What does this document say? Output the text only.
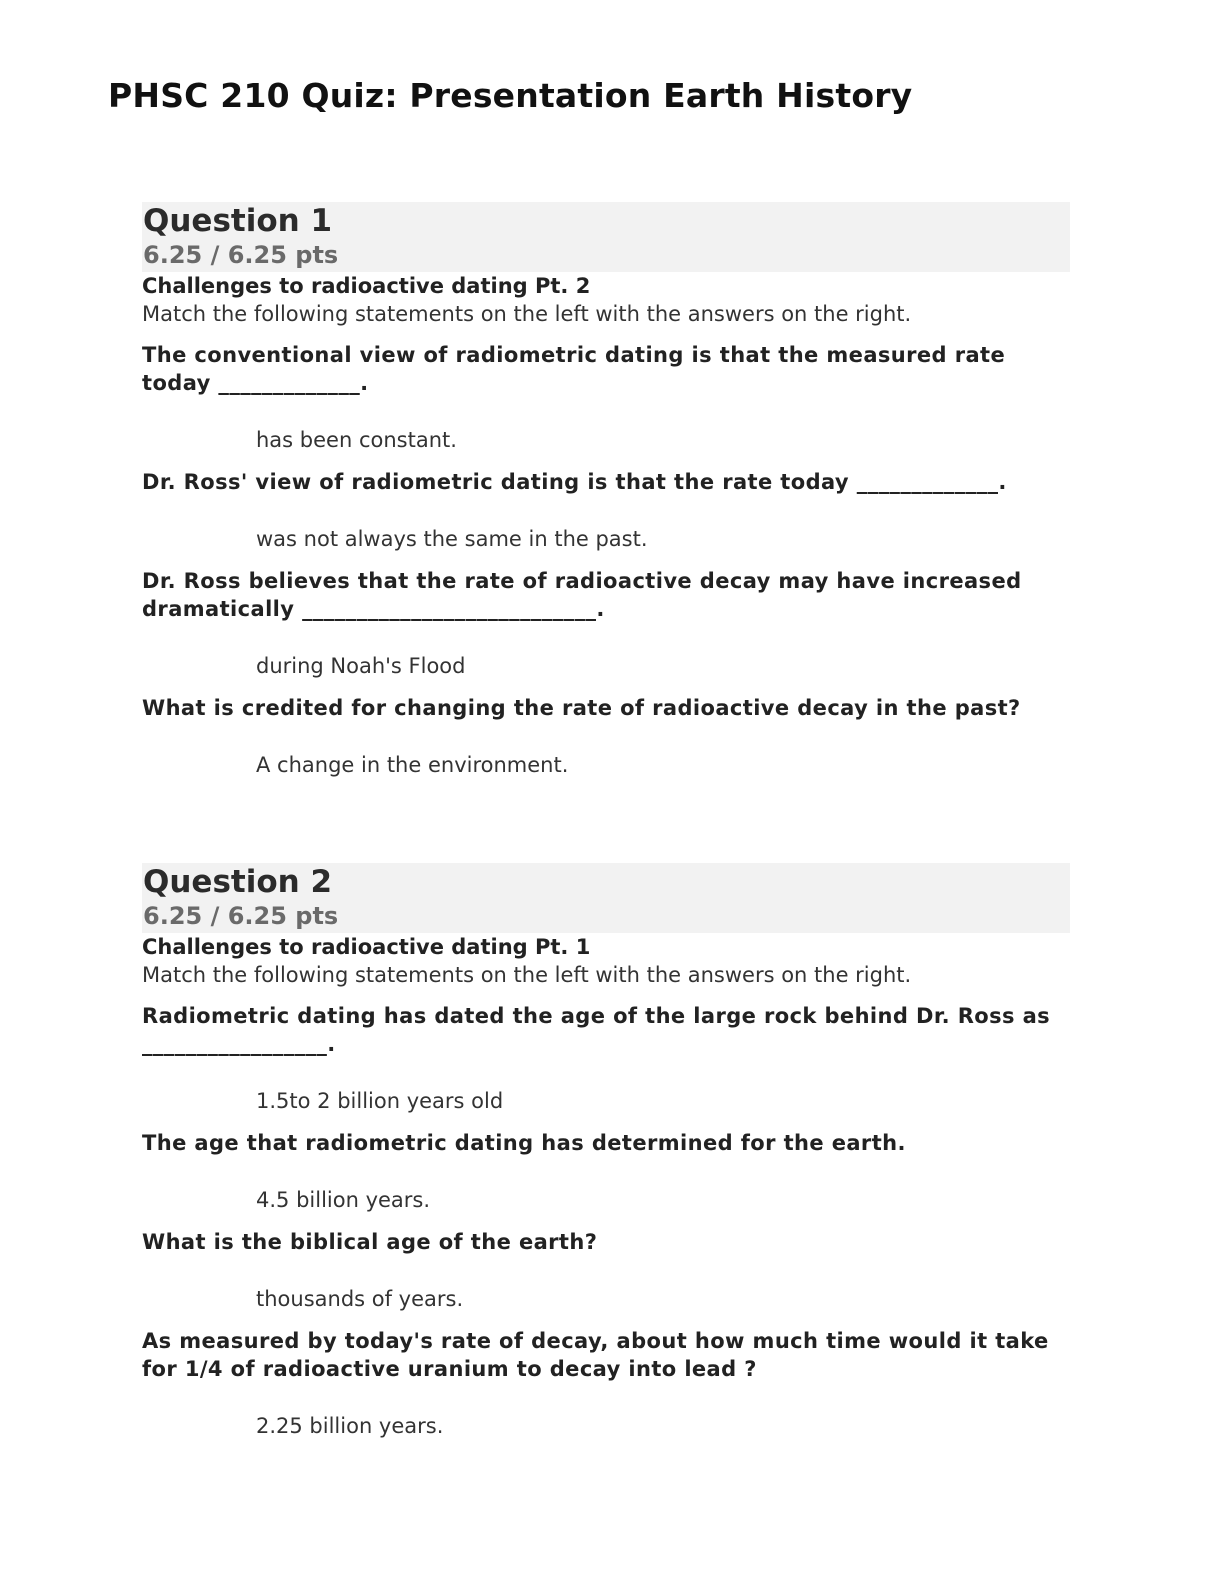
PHSC 210 Quiz: Presentation Earth History
Question 1
6.25 / 6.25 pts

Challenges to radioactive dating Pt. 2

Match the following statements on the left with the answers on the right.

The conventional view of radiometric dating is that the measured rate today _____________.

has been constant.

Dr. Ross' view of radiometric dating is that the rate today _____________.

was not always the same in the past.

Dr. Ross believes that the rate of radioactive decay may have increased dramatically ___________________________.

during Noah's Flood

What is credited for changing the rate of radioactive decay in the past?

A change in the environment.

Question 2
6.25 / 6.25 pts

Challenges to radioactive dating Pt. 1

Match the following statements on the left with the answers on the right.

Radiometric dating has dated the age of the large rock behind Dr. Ross as _________________.

1.5to 2 billion years old

The age that radiometric dating has determined for the earth.

4.5 billion years.

What is the biblical age of the earth?

thousands of years.

As measured by today's rate of decay, about how much time would it take for 1/4 of radioactive uranium to decay into lead ?

2.25 billion years.
